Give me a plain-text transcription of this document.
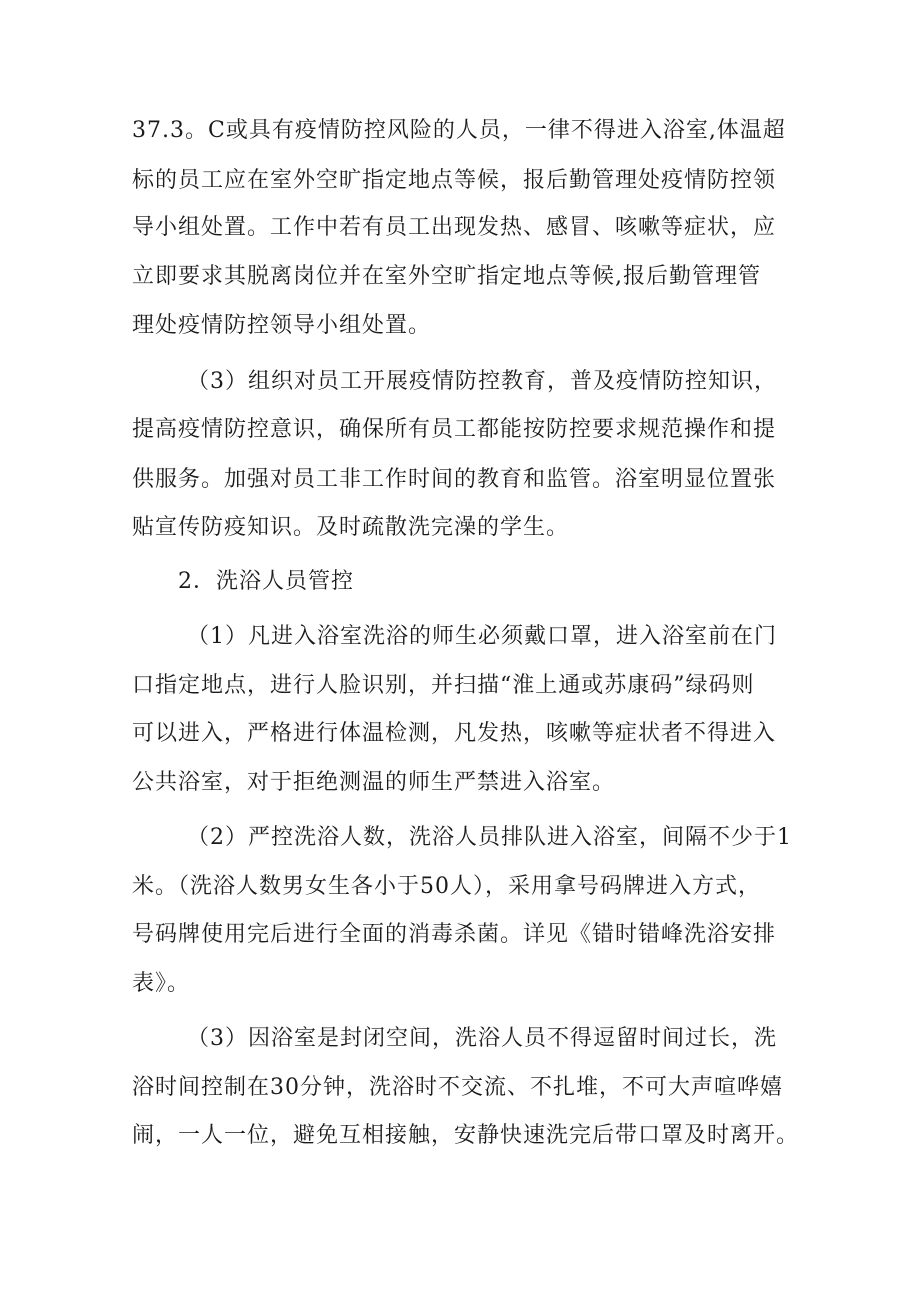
37.3。C或具有疫情防控风险的人员，一律不得进入浴室,体温超
标的员工应在室外空旷指定地点等候，报后勤管理处疫情防控领
导小组处置。工作中若有员工出现发热、感冒、咳嗽等症状，应
立即要求其脱离岗位并在室外空旷指定地点等候,报后勤管理管
理处疫情防控领导小组处置。
（3）组织对员工开展疫情防控教育，普及疫情防控知识，
提高疫情防控意识，确保所有员工都能按防控要求规范操作和提
供服务。加强对员工非工作时间的教育和监管。浴室明显位置张
贴宣传防疫知识。及时疏散洗完澡的学生。
2．洗浴人员管控
（1）凡进入浴室洗浴的师生必须戴口罩，进入浴室前在门
口指定地点，进行人脸识别，并扫描“淮上通或苏康码”绿码则
可以进入，严格进行体温检测，凡发热，咳嗽等症状者不得进入
公共浴室，对于拒绝测温的师生严禁进入浴室。
（2）严控洗浴人数，洗浴人员排队进入浴室，间隔不少于1
米。（洗浴人数男女生各小于50人），采用拿号码牌进入方式，
号码牌使用完后进行全面的消毒杀菌。详见《错时错峰洗浴安排
表》。
（3）因浴室是封闭空间，洗浴人员不得逗留时间过长，洗
浴时间控制在30分钟，洗浴时不交流、不扎堆，不可大声喧哗嬉
闹，一人一位，避免互相接触，安静快速洗完后带口罩及时离开。
